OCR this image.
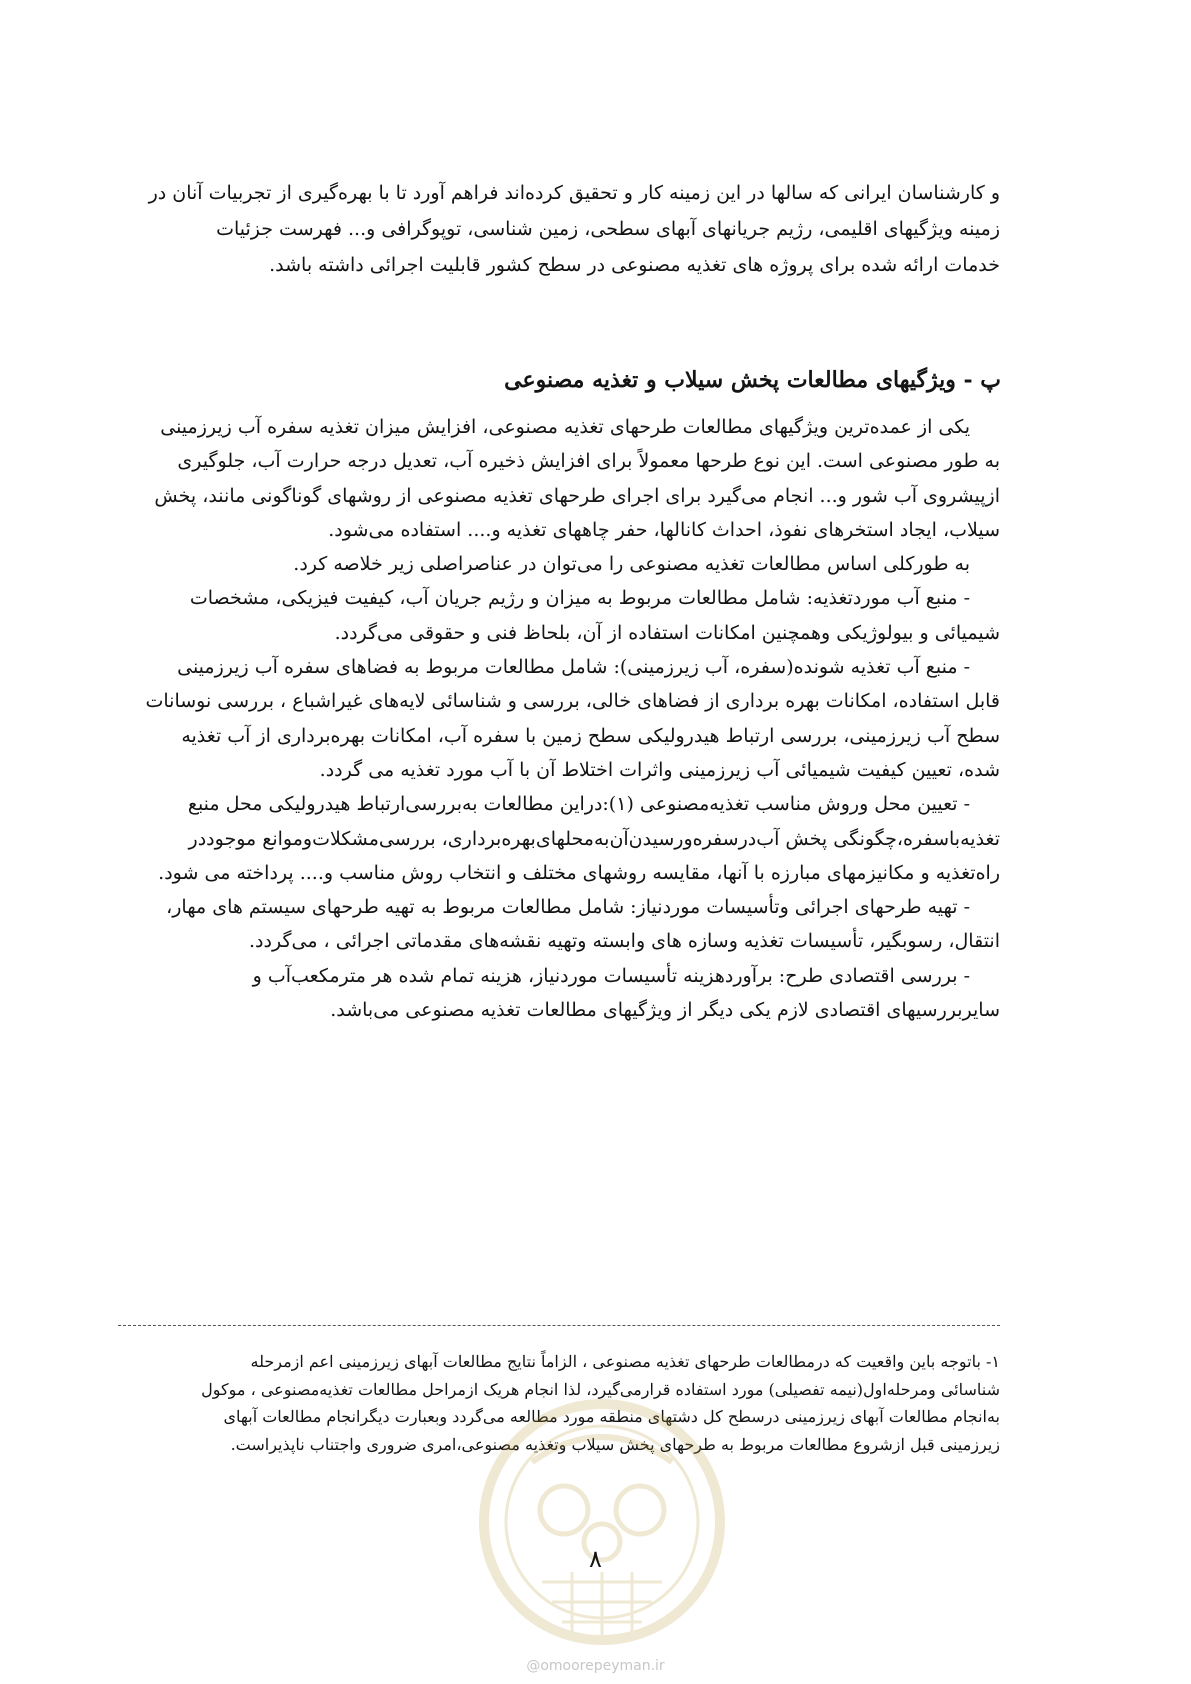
و کارشناسان ایرانی که سالها در این زمینه کار و تحقیق کرده‌اند فراهم آورد تا با بهره‌گیری از تجربیات آنان در
زمینه ویژگیهای اقلیمی، رژیم جریانهای آبهای سطحی، زمین شناسی، توپوگرافی و... فهرست جزئیات
خدمات ارائه شده برای پروژه های تغذیه مصنوعی در سطح کشور قابلیت اجرائی داشته باشد.
پ - ویژگیهای مطالعات پخش سیلاب و تغذیه مصنوعی
یکی از عمده‌ترین ویژگیهای مطالعات طرحهای تغذیه مصنوعی، افزایش میزان تغذیه سفره آب زیرزمینی
به طور مصنوعی است. این نوع طرحها معمولاً برای افزایش ذخیره آب، تعدیل درجه حرارت آب، جلوگیری
ازپیشروی آب شور و... انجام می‌گیرد برای اجرای طرحهای تغذیه مصنوعی از روشهای گوناگونی مانند، پخش
سیلاب، ایجاد استخرهای نفوذ، احداث کانالها، حفر چاههای تغذیه و.... استفاده می‌شود.
به طورکلی اساس مطالعات تغذیه مصنوعی را می‌توان در عناصراصلی زیر خلاصه کرد.
- منبع آب موردتغذیه: شامل مطالعات مربوط به میزان و رژیم جریان آب، کیفیت فیزیکی، مشخصات
شیمیائی و بیولوژیکی وهمچنین امکانات استفاده از آن، بلحاظ فنی و حقوقی می‌گردد.
- منبع آب تغذیه شونده(سفره، آب زیرزمینی): شامل مطالعات مربوط به فضاهای سفره آب زیرزمینی
قابل استفاده، امکانات بهره برداری از فضاهای خالی، بررسی و شناسائی لایه‌های غیراشباع ، بررسی نوسانات
سطح آب زیرزمینی، بررسی ارتباط هیدرولیکی سطح زمین با سفره آب، امکانات بهره‌برداری از آب تغذیه
شده، تعیین کیفیت شیمیائی آب زیرزمینی واثرات اختلاط آن با آب مورد تغذیه می گردد.
- تعیین محل وروش مناسب تغذیه‌مصنوعی (۱):دراین مطالعات به‌بررسی‌ارتباط هیدرولیکی محل منبع
تغذیه‌باسفره،چگونگی پخش آب‌درسفره‌ورسیدن‌آن‌به‌محلهای‌بهره‌برداری، بررسی‌مشکلات‌وموانع موجوددر
راه‌تغذیه و مکانیزمهای مبارزه با آنها، مقایسه روشهای مختلف و انتخاب روش مناسب و.... پرداخته می شود.
- تهیه طرحهای اجرائی وتأسیسات موردنیاز: شامل مطالعات مربوط به تهیه طرحهای سیستم های مهار،
انتقال، رسوبگیر، تأسیسات تغذیه وسازه های وابسته وتهیه نقشه‌های مقدماتی اجرائی ، می‌گردد.
- بررسی اقتصادی طرح: برآوردهزینه تأسیسات موردنیاز، هزینه تمام شده هر مترمکعب‌آب و
سایربررسیهای اقتصادی لازم یکی دیگر از ویژگیهای مطالعات تغذیه مصنوعی می‌باشد.
۱- باتوجه باین واقعیت که درمطالعات طرحهای تغذیه مصنوعی ، الزاماً نتایج مطالعات آبهای زیرزمینی اعم ازمرحله
شناسائی ومرحله‌اول(نیمه تفصیلی) مورد استفاده قرارمی‌گیرد، لذا انجام هریک ازمراحل مطالعات تغذیه‌مصنوعی ، موکول
به‌انجام مطالعات آبهای زیرزمینی درسطح کل دشتهای منطقه مورد مطالعه می‌گردد وبعبارت دیگرانجام مطالعات آبهای
زیرزمینی قبل ازشروع مطالعات مربوط به طرحهای پخش سیلاب وتغذیه مصنوعی،امری ضروری واجتناب ناپذیراست.
۸
@omoorepeyman.ir
